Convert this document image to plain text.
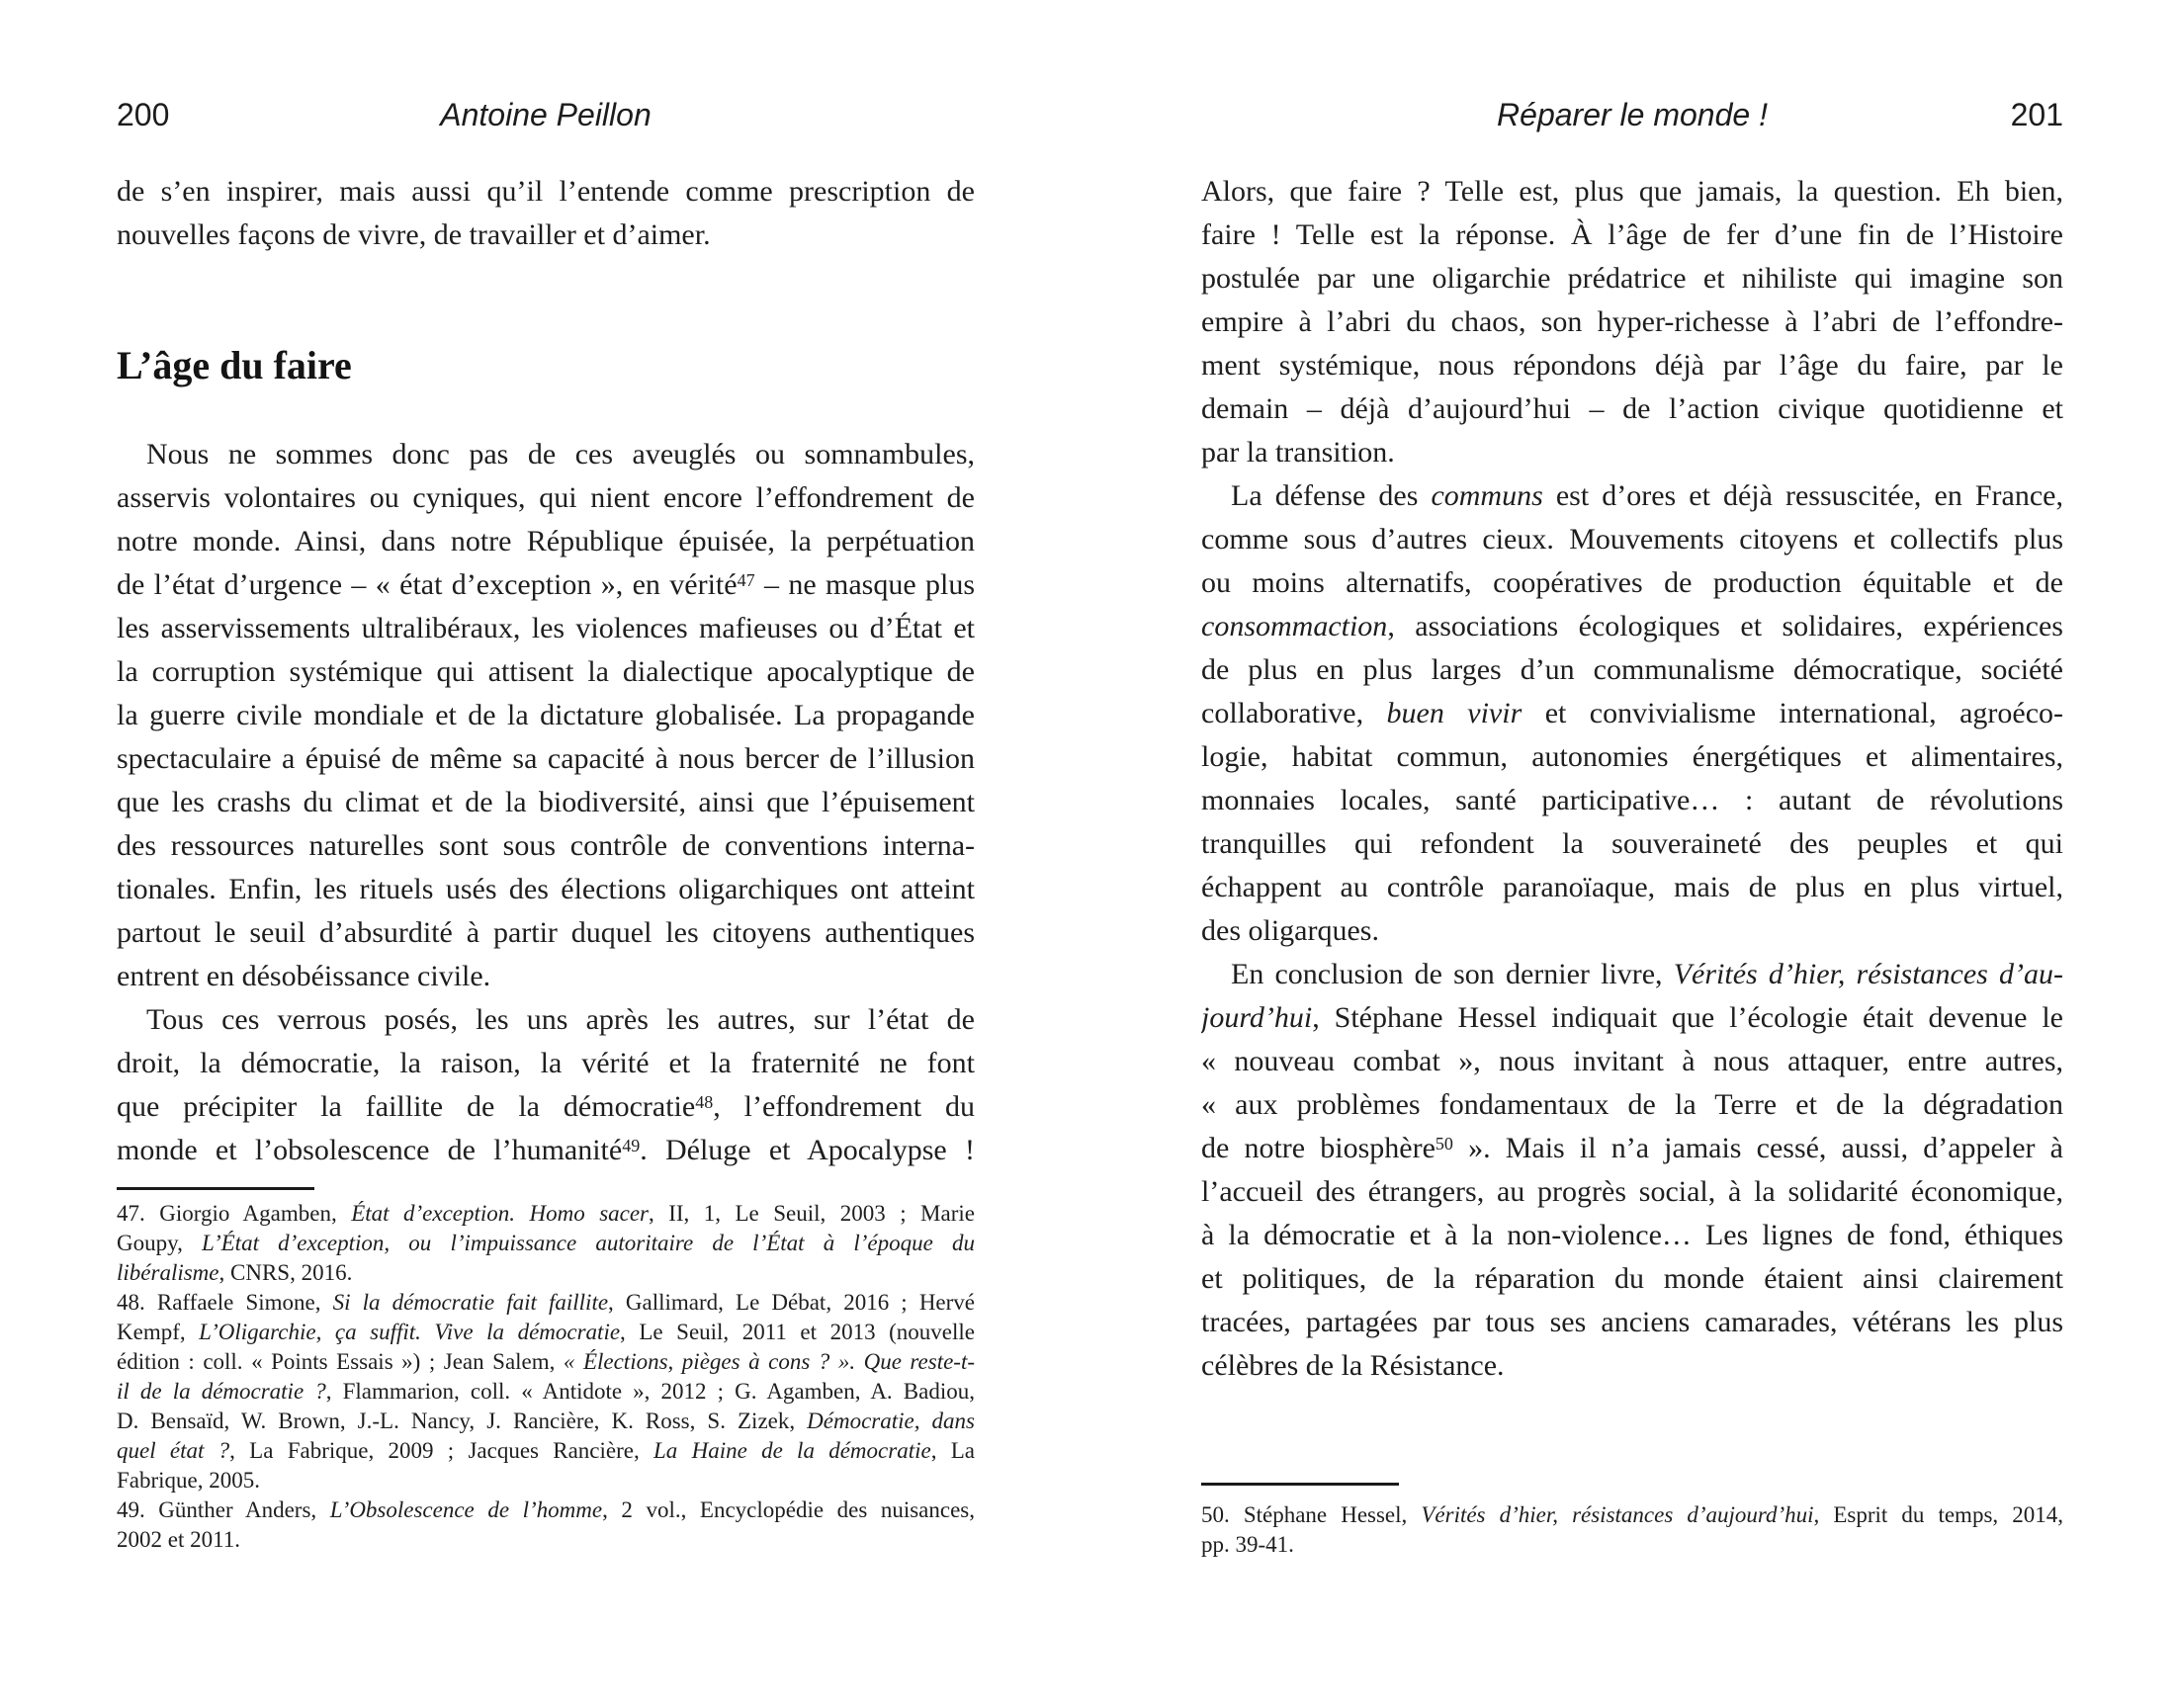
200	Antoine Peillon
de s’en inspirer, mais aussi qu’il l’entende comme prescription de
nouvelles façons de vivre, de travailler et d’aimer.
L’âge du faire
Nous ne sommes donc pas de ces aveuglés ou somnambules,
asservis volontaires ou cyniques, qui nient encore l’effondrement de
notre monde. Ainsi, dans notre République épuisée, la perpétuation
de l’état d’urgence – « état d’exception », en vérité$^{47}$ – ne masque plus
les asservissements ultralibéraux, les violences mafieuses ou d’État et
la corruption systémique qui attisent la dialectique apocalyptique de
la guerre civile mondiale et de la dictature globalisée. La propagande
spectaculaire a épuisé de même sa capacité à nous bercer de l’illusion
que les crashs du climat et de la biodiversité, ainsi que l’épuisement
des ressources naturelles sont sous contrôle de conventions interna-
tionales. Enfin, les rituels usés des élections oligarchiques ont atteint
partout le seuil d’absurdité à partir duquel les citoyens authentiques
entrent en désobéissance civile.
Tous ces verrous posés, les uns après les autres, sur l’état de
droit, la démocratie, la raison, la vérité et la fraternité ne font
que précipiter la faillite de la démocratie$^{48}$, l’effondrement du
monde et l’obsolescence de l’humanité$^{49}$. Déluge et Apocalypse !
47. Giorgio Agamben, État d’exception. Homo sacer, II, 1, Le Seuil, 2003 ; Marie
Goupy, L’État d’exception, ou l’impuissance autoritaire de l’État à l’époque du
libéralisme, CNRS, 2016.
48. Raffaele Simone, Si la démocratie fait faillite, Gallimard, Le Débat, 2016 ; Hervé
Kempf, L’Oligarchie, ça suffit. Vive la démocratie, Le Seuil, 2011 et 2013 (nouvelle
édition : coll. « Points Essais ») ; Jean Salem, « Élections, pièges à cons ? ». Que reste-t-
il de la démocratie ?, Flammarion, coll. « Antidote », 2012 ; G. Agamben, A. Badiou,
D. Bensaïd, W. Brown, J.-L. Nancy, J. Rancière, K. Ross, S. Zizek, Démocratie, dans
quel état ?, La Fabrique, 2009 ; Jacques Rancière, La Haine de la démocratie, La
Fabrique, 2005.
49. Günther Anders, L’Obsolescence de l’homme, 2 vol., Encyclopédie des nuisances,
2002 et 2011.
Réparer le monde !	201
Alors, que faire ? Telle est, plus que jamais, la question. Eh bien,
faire ! Telle est la réponse. À l’âge de fer d’une fin de l’Histoire
postulée par une oligarchie prédatrice et nihiliste qui imagine son
empire à l’abri du chaos, son hyper-richesse à l’abri de l’effondre-
ment systémique, nous répondons déjà par l’âge du faire, par le
demain – déjà d’aujourd’hui – de l’action civique quotidienne et
par la transition.
La défense des communs est d’ores et déjà ressuscitée, en France,
comme sous d’autres cieux. Mouvements citoyens et collectifs plus
ou moins alternatifs, coopératives de production équitable et de
consommaction, associations écologiques et solidaires, expériences
de plus en plus larges d’un communalisme démocratique, société
collaborative, buen vivir et convivialisme international, agroéco-
logie, habitat commun, autonomies énergétiques et alimentaires,
monnaies locales, santé participative… : autant de révolutions
tranquilles qui refondent la souveraineté des peuples et qui
échappent au contrôle paranoïaque, mais de plus en plus virtuel,
des oligarques.
En conclusion de son dernier livre, Vérités d’hier, résistances d’au-
jourd’hui, Stéphane Hessel indiquait que l’écologie était devenue le
« nouveau combat », nous invitant à nous attaquer, entre autres,
« aux problèmes fondamentaux de la Terre et de la dégradation
de notre biosphère$^{50}$ ». Mais il n’a jamais cessé, aussi, d’appeler à
l’accueil des étrangers, au progrès social, à la solidarité économique,
à la démocratie et à la non-violence… Les lignes de fond, éthiques
et politiques, de la réparation du monde étaient ainsi clairement
tracées, partagées par tous ses anciens camarades, vétérans les plus
célèbres de la Résistance.
50. Stéphane Hessel, Vérités d’hier, résistances d’aujourd’hui, Esprit du temps, 2014,
pp. 39-41.
